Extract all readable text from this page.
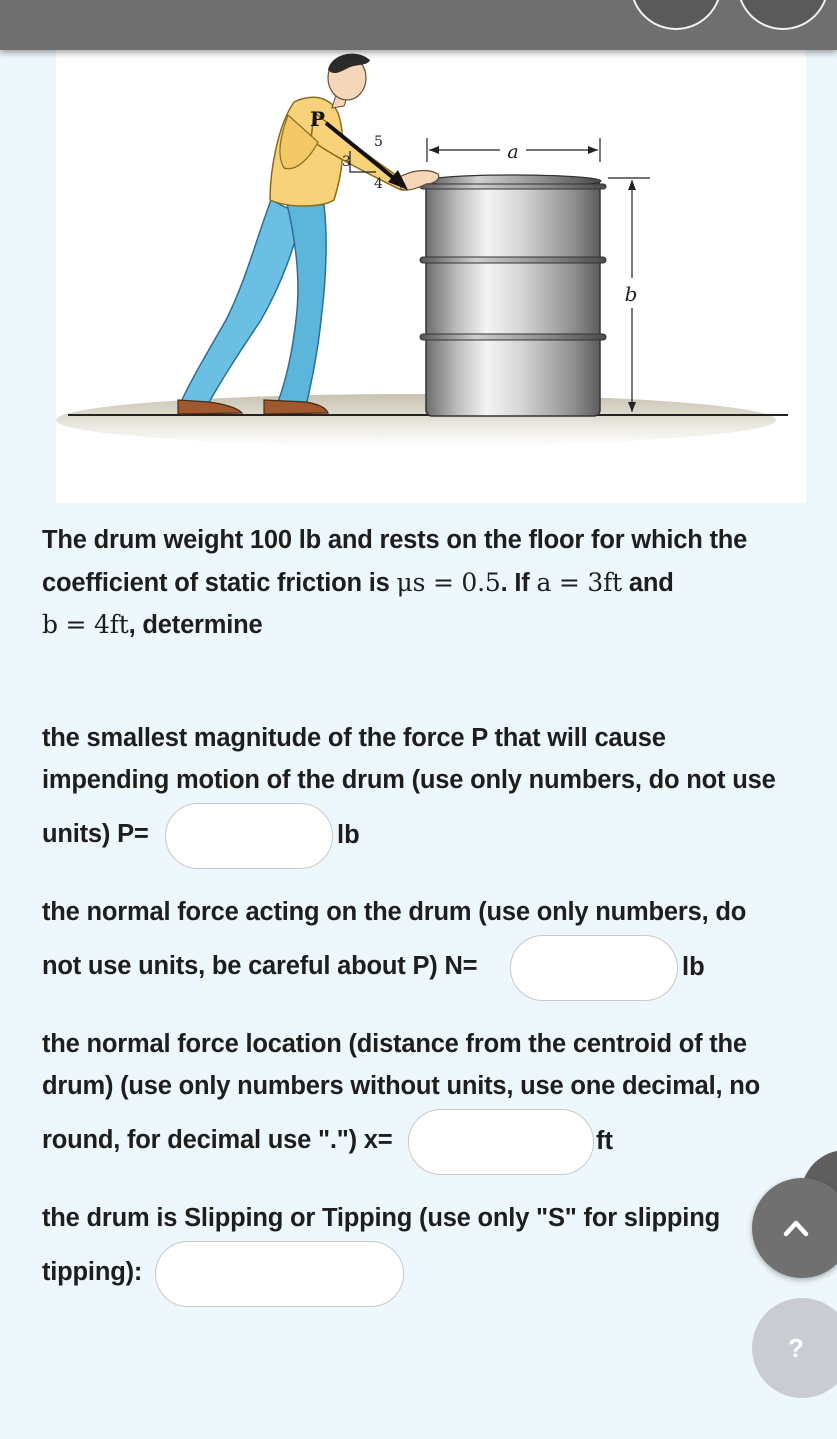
a
b
P
5
3
4
The drum weight 100 lb and rests on the floor for which the
coefficient of static friction is μs = 0.5. If a = 3ft and
b = 4ft, determine
the smallest magnitude of the force P that will cause
impending motion of the drum (use only numbers, do not use
units) P=	lb
the normal force acting on the drum (use only numbers, do
not use units, be careful about P) N=	lb
the normal force location (distance from the centroid of the
drum) (use only numbers without units, use one decimal, no
round, for decimal use ".") x=	ft
the drum is Slipping or Tipping (use only "S" for slipping
tipping):
?
